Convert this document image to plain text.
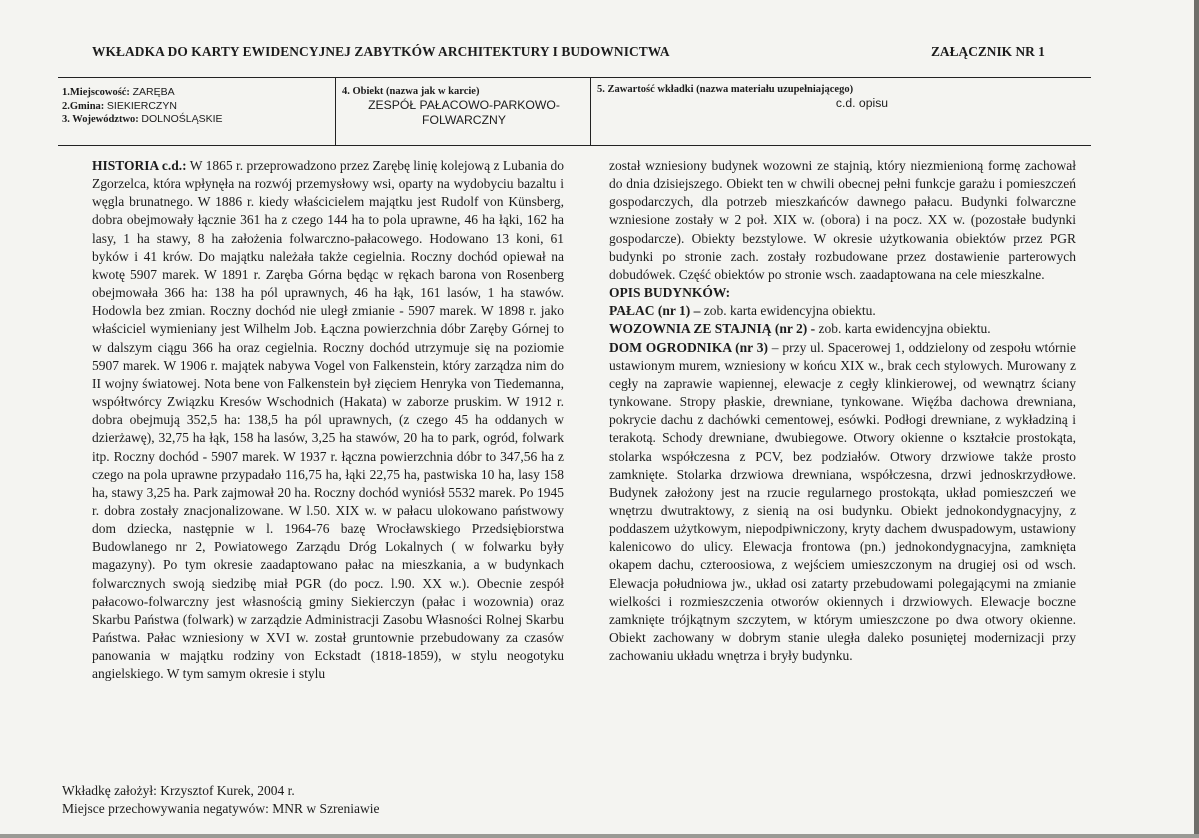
WKŁADKA DO KARTY EWIDENCYJNEJ ZABYTKÓW ARCHITEKTURY I BUDOWNICTWA	ZAŁĄCZNIK NR 1
1.Miejscowość: ZARĘBA
2.Gmina: SIEKIERCZYN
3. Województwo: DOLNOŚLĄSKIE
4. Obiekt (nazwa jak w karcie)
ZESPÓŁ PAŁACOWO-PARKOWO-
FOLWARCZNY
5. Zawartość wkładki (nazwa materiału uzupełniającego)
c.d. opisu

HISTORIA c.d.: W 1865 r. przeprowadzono przez Zarębę linię kolejową z Lubania do Zgorzelca, która wpłynęła na rozwój przemysłowy wsi, oparty na wydobyciu bazaltu i węgla brunatnego. W 1886 r. kiedy właścicielem majątku jest Rudolf von Künsberg, dobra obejmowały łącznie 361 ha z czego 144 ha to pola uprawne, 46 ha łąki, 162 ha lasy, 1 ha stawy, 8 ha założenia folwarczno-pałacowego. Hodowano 13 koni, 61 byków i 41 krów. Do majątku należała także cegielnia. Roczny dochód opiewał na kwotę 5907 marek. W 1891 r. Zaręba Górna będąc w rękach barona von Rosenberg obejmowała 366 ha: 138 ha pól uprawnych, 46 ha łąk, 161 lasów, 1 ha stawów. Hodowla bez zmian. Roczny dochód nie uległ zmianie - 5907 marek. W 1898 r. jako właściciel wymieniany jest Wilhelm Job. Łączna powierzchnia dóbr Zaręby Górnej to w dalszym ciągu 366 ha oraz cegielnia. Roczny dochód utrzymuje się na poziomie 5907 marek. W 1906 r. majątek nabywa Vogel von Falkenstein, który zarządza nim do II wojny światowej. Nota bene von Falkenstein był zięciem Henryka von Tiedemanna, współtwórcy Związku Kresów Wschodnich (Hakata) w zaborze pruskim. W 1912 r. dobra obejmują 352,5 ha: 138,5 ha pól uprawnych, (z czego 45 ha oddanych w dzierżawę), 32,75 ha łąk, 158 ha lasów, 3,25 ha stawów, 20 ha to park, ogród, folwark itp. Roczny dochód - 5907 marek. W 1937 r. łączna powierzchnia dóbr to 347,56 ha z czego na pola uprawne przypadało 116,75 ha, łąki 22,75 ha, pastwiska 10 ha, lasy 158 ha, stawy 3,25 ha. Park zajmował 20 ha. Roczny dochód wyniósł 5532 marek. Po 1945 r. dobra zostały znacjonalizowane. W l.50. XIX w. w pałacu ulokowano państwowy dom dziecka, następnie w l. 1964-76 bazę Wrocławskiego Przedsiębiorstwa Budowlanego nr 2, Powiatowego Zarządu Dróg Lokalnych ( w folwarku były magazyny). Po tym okresie zaadaptowano pałac na mieszkania, a w budynkach folwarcznych swoją siedzibę miał PGR (do pocz. l.90. XX w.). Obecnie zespół pałacowo-folwarczny jest własnością gminy Siekierczyn (pałac i wozownia) oraz Skarbu Państwa (folwark) w zarządzie Administracji Zasobu Własności Rolnej Skarbu Państwa. Pałac wzniesiony w XVI w. został gruntownie przebudowany za czasów panowania w majątku rodziny von Eckstadt (1818-1859), w stylu neogotyku angielskiego. W tym samym okresie i stylu

został wzniesiony budynek wozowni ze stajnią, który niezmienioną formę zachował do dnia dzisiejszego. Obiekt ten w chwili obecnej pełni funkcje garażu i pomieszczeń gospodarczych, dla potrzeb mieszkańców dawnego pałacu. Budynki folwarczne wzniesione zostały w 2 poł. XIX w. (obora) i na pocz. XX w. (pozostałe budynki gospodarcze). Obiekty bezstylowe. W okresie użytkowania obiektów przez PGR budynki po stronie zach. zostały rozbudowane przez dostawienie parterowych dobudówek. Część obiektów po stronie wsch. zaadaptowana na cele mieszkalne.

OPIS BUDYNKÓW:

PAŁAC (nr 1) – zob. karta ewidencyjna obiektu.

WOZOWNIA ZE STAJNIĄ (nr 2) - zob. karta ewidencyjna obiektu.

DOM OGRODNIKA (nr 3) – przy ul. Spacerowej 1, oddzielony od zespołu wtórnie ustawionym murem, wzniesiony w końcu XIX w., brak cech stylowych. Murowany z cegły na zaprawie wapiennej, elewacje z cegły klinkierowej, od wewnątrz ściany tynkowane. Stropy płaskie, drewniane, tynkowane. Więźba dachowa drewniana, pokrycie dachu z dachówki cementowej, esówki. Podłogi drewniane, z wykładziną i terakotą. Schody drewniane, dwubiegowe. Otwory okienne o kształcie prostokąta, stolarka współczesna z PCV, bez podziałów. Otwory drzwiowe także prosto zamknięte. Stolarka drzwiowa drewniana, współczesna, drzwi jednoskrzydłowe. Budynek założony jest na rzucie regularnego prostokąta, układ pomieszczeń we wnętrzu dwutraktowy, z sienią na osi budynku. Obiekt jednokondygnacyjny, z poddaszem użytkowym, niepodpiwniczony, kryty dachem dwuspadowym, ustawiony kalenicowo do ulicy. Elewacja frontowa (pn.) jednokondygnacyjna, zamknięta okapem dachu, czteroosiowa, z wejściem umieszczonym na drugiej osi od wsch. Elewacja południowa jw., układ osi zatarty przebudowami polegającymi na zmianie wielkości i rozmieszczenia otworów okiennych i drzwiowych. Elewacje boczne zamknięte trójkątnym szczytem, w którym umieszczone po dwa otwory okienne. Obiekt zachowany w dobrym stanie uległa daleko posuniętej modernizacji przy zachowaniu układu wnętrza i bryły budynku.

Wkładkę założył: Krzysztof Kurek, 2004 r.
Miejsce przechowywania negatywów: MNR w Szreniawie
